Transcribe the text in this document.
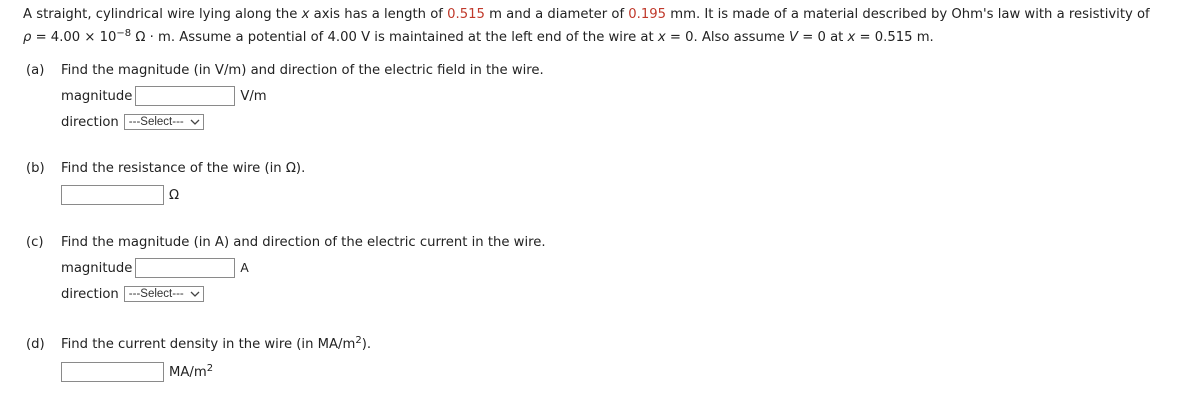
A straight, cylindrical wire lying along the x axis has a length of 0.515 m and a diameter of 0.195 mm. It is made of a material described by Ohm's law with a resistivity of
$\rho = 4.00 \times 10^{-8}$ Ω · m. Assume a potential of 4.00 V is maintained at the left end of the wire at x = 0. Also assume V = 0 at x = 0.515 m.
(a) Find the magnitude (in V/m) and direction of the electric field in the wire.
magnitude	V/m
direction ---Select---
(b) Find the resistance of the wire (in Ω).
Ω
(c) Find the magnitude (in A) and direction of the electric current in the wire.
magnitude	A
direction ---Select---
(d) Find the current density in the wire (in $MA/m^2$).
$MA/m^2$
